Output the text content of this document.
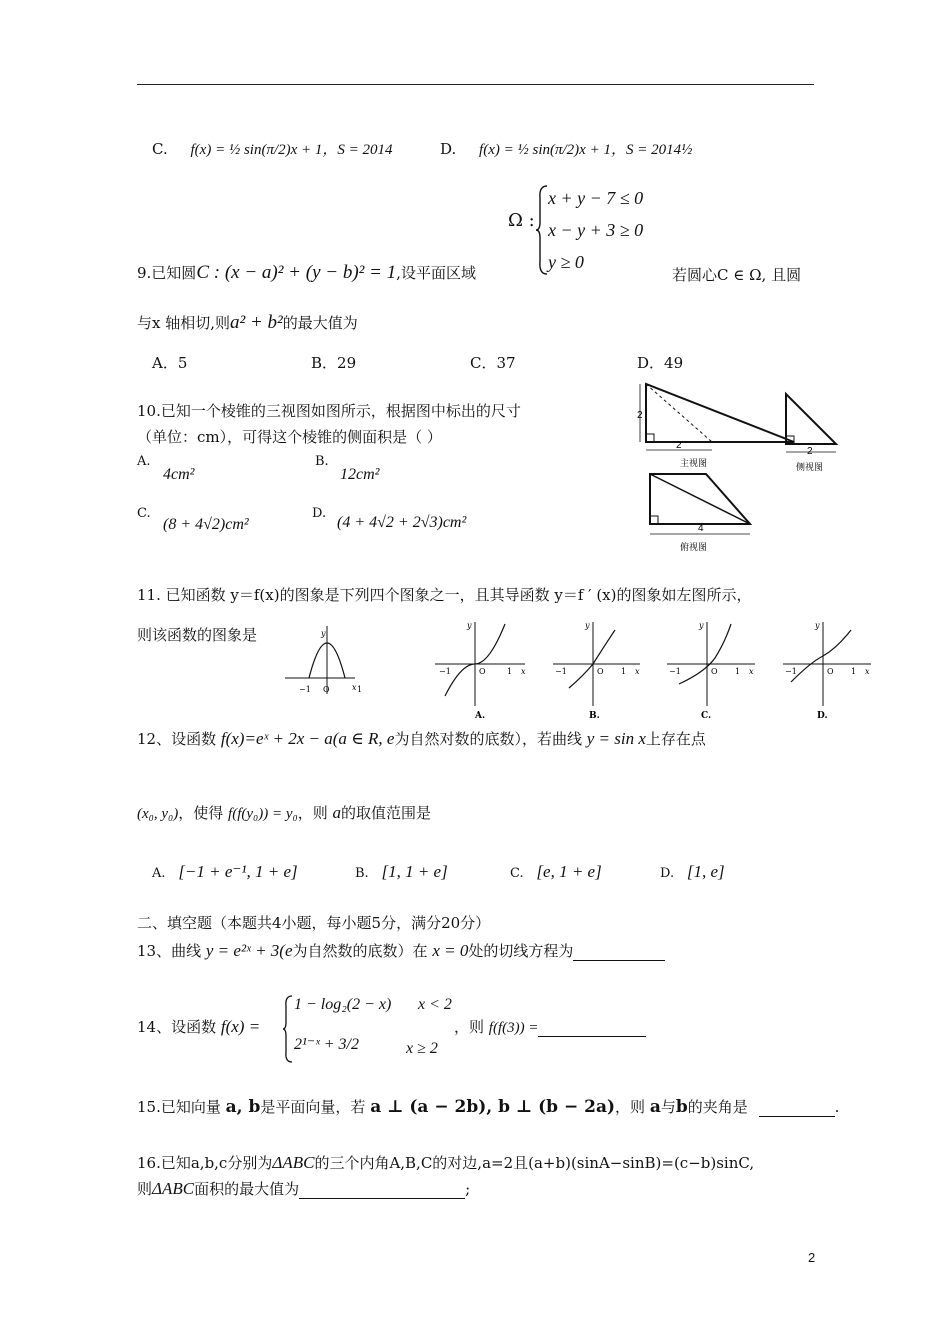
C. f(x) = ½ sin(π/2)x + 1，S = 2014	D. f(x) = ½ sin(π/2)x + 1，S = 2014½
Ω :
x + y − 7 ≤ 0
x − y + 3 ≥ 0
y ≥ 0
9.已知圆C : (x − a)² + (y − b)² = 1,设平面区域	若圆心C ∈ Ω, 且圆
与x 轴相切,则a² + b²的最大值为
A．5	B．29	C．37	D．49
10.已知一个棱锥的三视图如图所示，根据图中标出的尺寸
（单位：cm），可得这个棱锥的侧面积是（ ）
A.
4cm²
B.
12cm²
C.
(8 + 4√2)cm²
D.
(4 + 4√2 + 2√3)cm²
2
2
主视图
2
侧视图
4
俯视图
11. 已知函数 y＝f(x)的图象是下列四个图象之一，且其导函数 y＝f ′ (x)的图象如左图所示，
则该函数的图象是
x
y
−1 O	1
y
−1	O	1 x
A.
y
−1	O 1 x
B.
y
−1	O 1 x
C.
y
−1	O 1 x
D.
12、设函数 f(x)=eˣ + 2x − a(a ∈ R, e为自然对数的底数），若曲线 y = sin x上存在点
(x₀, y₀)，使得 f(f(y₀)) = y₀，则 a的取值范围是
A. [−1 + e⁻¹, 1 + e]	B. [1, 1 + e]	C. [e, 1 + e]	D. [1, e]
二、填空题（本题共4小题，每小题5分，满分20分）
13、曲线 y = e²ˣ + 3(e为自然数的底数）在 x = 0处的切线方程为
14、设函数 f(x) =
1 − log₂(2 − x) x < 2
2¹⁻ˣ + 3/2	x ≥ 2
，则 f(f(3)) =
15.已知向量 a, b是平面向量，若 a ⊥ (a − 2b), b ⊥ (b − 2a)，则 a与b的夹角是	.
16.已知a,b,c分别为ΔABC的三个内角A,B,C的对边,a=2且(a+b)(sinA−sinB)=(c−b)sinC,
则ΔABC面积的最大值为	;
2
